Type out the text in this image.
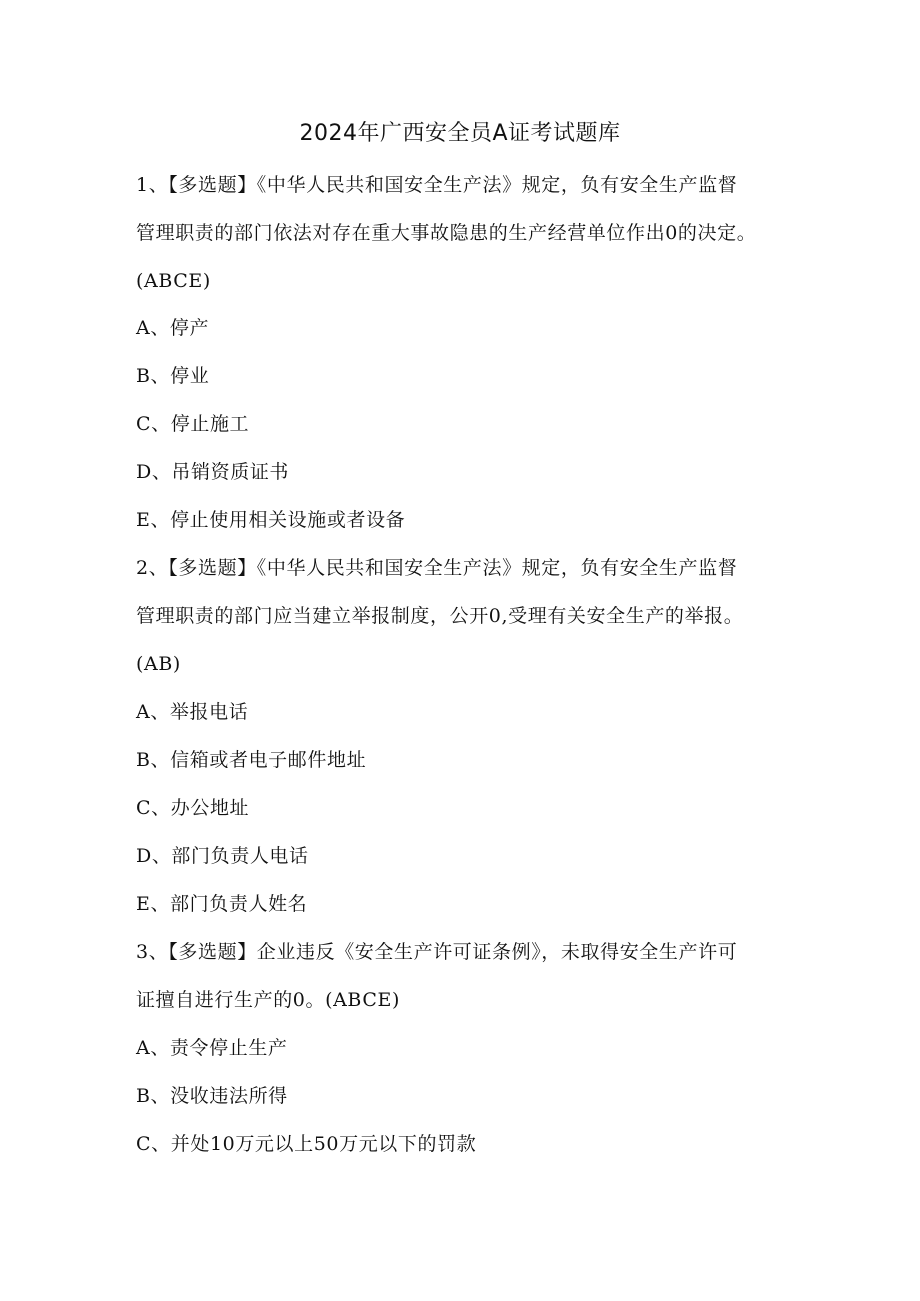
2024年广西安全员A证考试题库
1、【多选题】《中华人民共和国安全生产法》规定，负有安全生产监督
管理职责的部门依法对存在重大事故隐患的生产经营单位作出0的决定。
(ABCE)
A、停产
B、停业
C、停止施工
D、吊销资质证书
E、停止使用相关设施或者设备
2、【多选题】《中华人民共和国安全生产法》规定，负有安全生产监督
管理职责的部门应当建立举报制度，公开0,受理有关安全生产的举报。
(AB)
A、举报电话
B、信箱或者电子邮件地址
C、办公地址
D、部门负责人电话
E、部门负责人姓名
3、【多选题】企业违反《安全生产许可证条例》，未取得安全生产许可
证擅自进行生产的0。(ABCE)
A、责令停止生产
B、没收违法所得
C、并处10万元以上50万元以下的罚款
